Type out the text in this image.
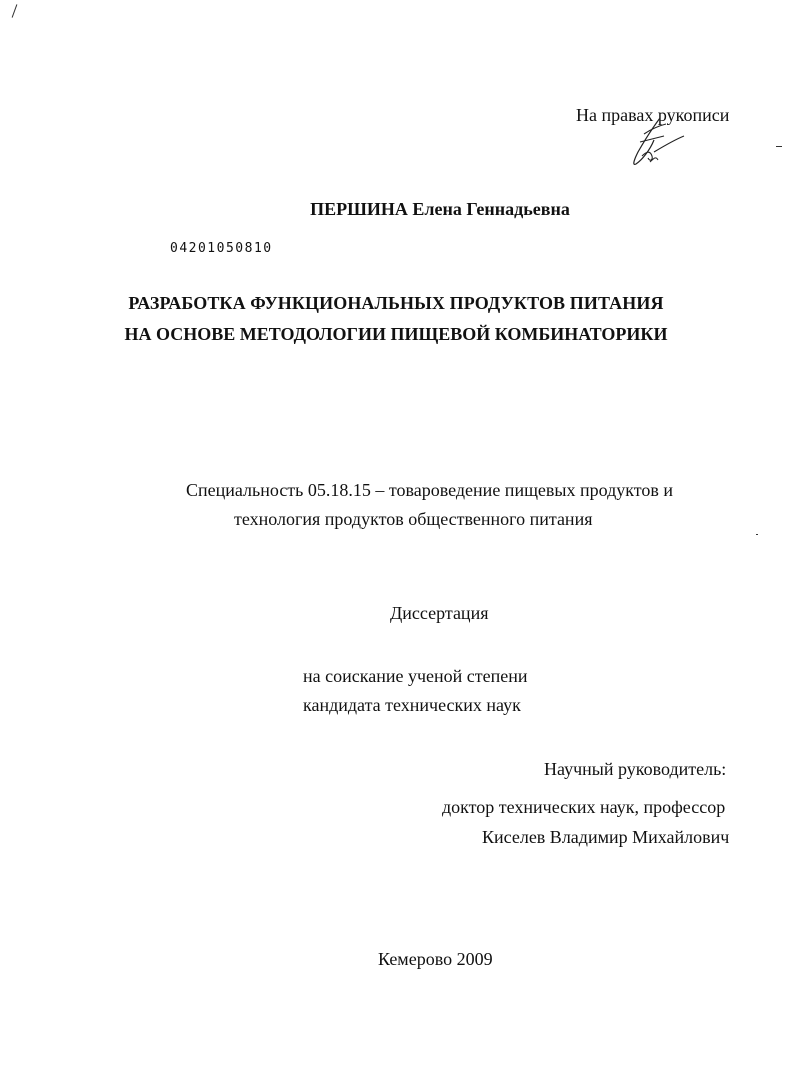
На правах рукописи
ПЕРШИНА Елена Геннадьевна
04201050810
РАЗРАБОТКА ФУНКЦИОНАЛЬНЫХ ПРОДУКТОВ ПИТАНИЯ
НА ОСНОВЕ МЕТОДОЛОГИИ ПИЩЕВОЙ КОМБИНАТОРИКИ
Специальность 05.18.15 – товароведение пищевых продуктов и
технология продуктов общественного питания
Диссертация
на соискание ученой степени
кандидата технических наук
Научный руководитель:
доктор технических наук, профессор
Киселев Владимир Михайлович
Кемерово 2009
